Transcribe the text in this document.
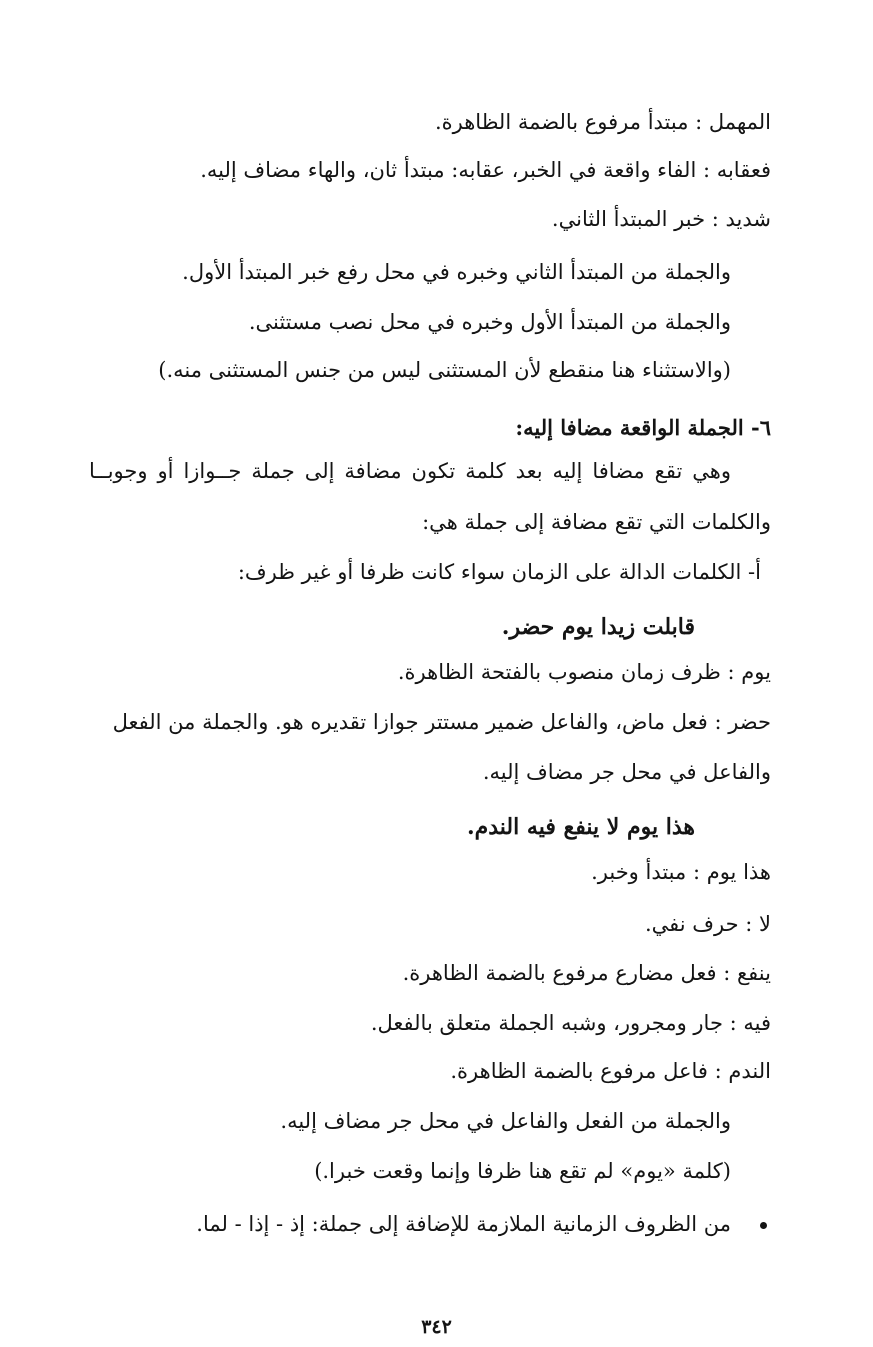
المهمل : مبتدأ مرفوع بالضمة الظاهرة.
فعقابه : الفاء واقعة في الخبر، عقابه: مبتدأ ثان، والهاء مضاف إليه.
شديد : خبر المبتدأ الثاني.
والجملة من المبتدأ الثاني وخبره في محل رفع خبر المبتدأ الأول.
والجملة من المبتدأ الأول وخبره في محل نصب مستثنى.
(والاستثناء هنا منقطع لأن المستثنى ليس من جنس المستثنى منه.)
٦- الجملة الواقعة مضافا إليه:
وهي تقع مضافا إليه بعد كلمة تكون مضافة إلى جملة جــوازا أو وجوبــا
والكلمات التي تقع مضافة إلى جملة هي:
أ- الكلمات الدالة على الزمان سواء كانت ظرفا أو غير ظرف:
قابلت زيدا يوم حضر.
يوم : ظرف زمان منصوب بالفتحة الظاهرة.
حضر : فعل ماض، والفاعل ضمير مستتر جوازا تقديره هو. والجملة من الفعل
والفاعل في محل جر مضاف إليه.
هذا يوم لا ينفع فيه الندم.
هذا يوم : مبتدأ وخبر.
لا : حرف نفي.
ينفع : فعل مضارع مرفوع بالضمة الظاهرة.
فيه : جار ومجرور، وشبه الجملة متعلق بالفعل.
الندم : فاعل مرفوع بالضمة الظاهرة.
والجملة من الفعل والفاعل في محل جر مضاف إليه.
(كلمة «يوم» لم تقع هنا ظرفا وإنما وقعت خبرا.)
من الظروف الزمانية الملازمة للإضافة إلى جملة: إذ - إذا - لما.
٣٤٢
